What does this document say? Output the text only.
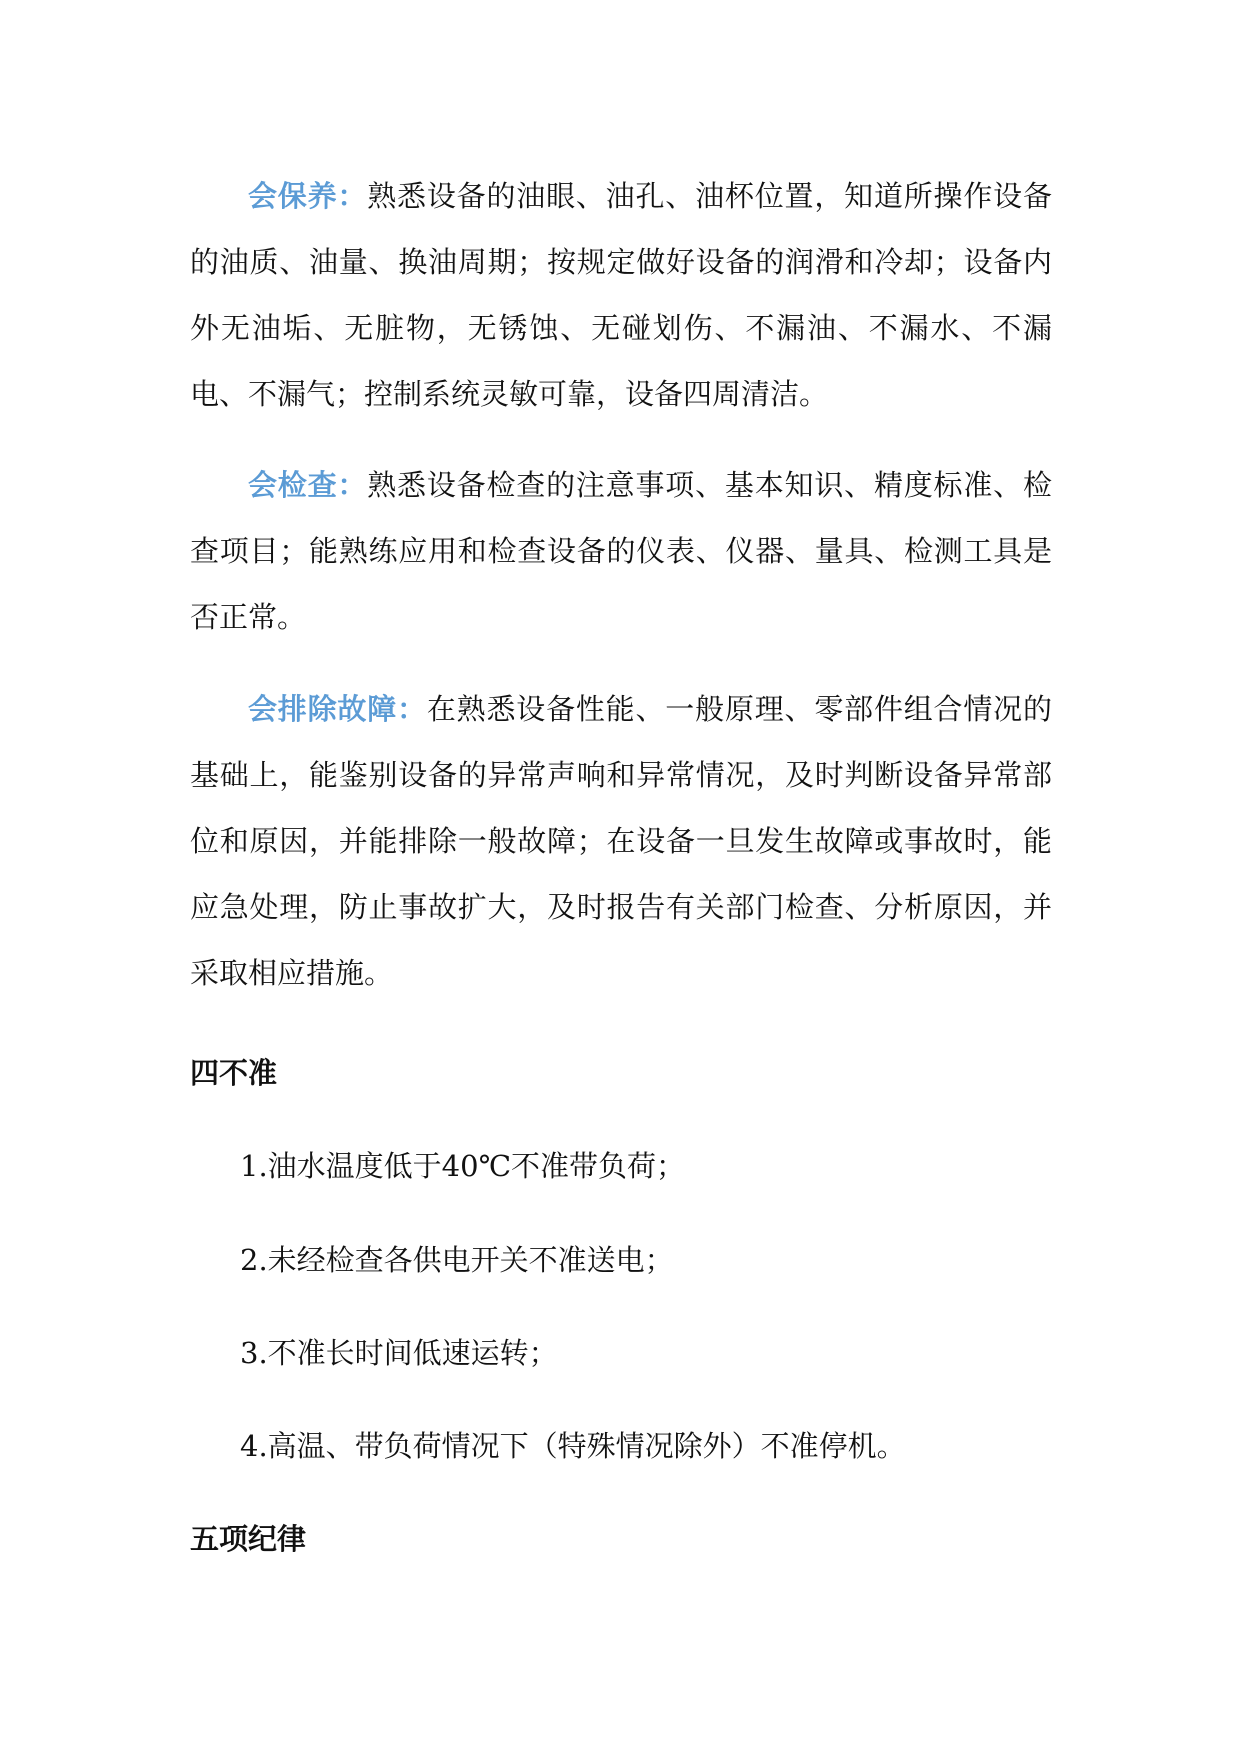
会保养：熟悉设备的油眼、油孔、油杯位置，知道所操作设备的油质、油量、换油周期；按规定做好设备的润滑和冷却；设备内外无油垢、无脏物，无锈蚀、无碰划伤、不漏油、不漏水、不漏电、不漏气；控制系统灵敏可靠，设备四周清洁。

会检查：熟悉设备检查的注意事项、基本知识、精度标准、检查项目；能熟练应用和检查设备的仪表、仪器、量具、检测工具是否正常。

会排除故障：在熟悉设备性能、一般原理、零部件组合情况的基础上，能鉴别设备的异常声响和异常情况，及时判断设备异常部位和原因，并能排除一般故障；在设备一旦发生故障或事故时，能应急处理，防止事故扩大，及时报告有关部门检查、分析原因，并采取相应措施。

四不准

1.油水温度低于40℃不准带负荷；

2.未经检查各供电开关不准送电；

3.不准长时间低速运转；

4.高温、带负荷情况下（特殊情况除外）不准停机。

五项纪律
